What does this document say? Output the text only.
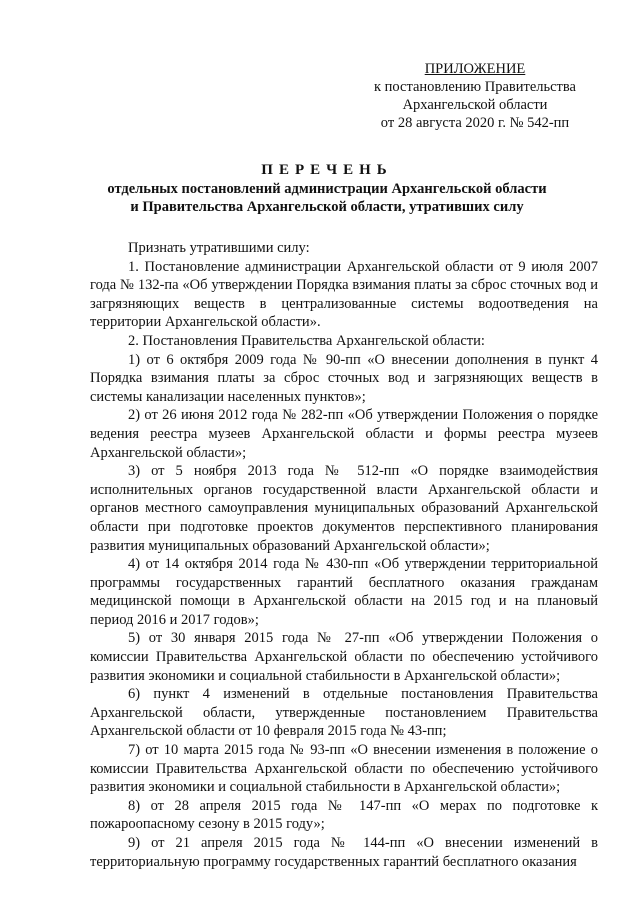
ПРИЛОЖЕНИЕ
к постановлению Правительства
Архангельской области
от 28 августа 2020 г. № 542-пп
ПЕРЕЧЕНЬ
отдельных постановлений администрации Архангельской области
и Правительства Архангельской области, утративших силу

Признать утратившими силу:

1. Постановление администрации Архангельской области от 9 июля 2007 года № 132-па «Об утверждении Порядка взимания платы за сброс сточных вод и загрязняющих веществ в централизованные системы водоотведения на территории Архангельской области».

2. Постановления Правительства Архангельской области:

1) от 6 октября 2009 года № 90-пп «О внесении дополнения в пункт 4 Порядка взимания платы за сброс сточных вод и загрязняющих веществ в системы канализации населенных пунктов»;

2) от 26 июня 2012 года № 282-пп «Об утверждении Положения о порядке ведения реестра музеев Архангельской области и формы реестра музеев Архангельской области»;

3) от 5 ноября 2013 года № 512-пп «О порядке взаимодействия исполнительных органов государственной власти Архангельской области и органов местного самоуправления муниципальных образований Архангельской области при подготовке проектов документов перспективного планирования развития муниципальных образований Архангельской области»;

4) от 14 октября 2014 года № 430-пп «Об утверждении территориальной программы государственных гарантий бесплатного оказания гражданам медицинской помощи в Архангельской области на 2015 год и на плановый период 2016 и 2017 годов»;

5) от 30 января 2015 года № 27-пп «Об утверждении Положения о комиссии Правительства Архангельской области по обеспечению устойчивого развития экономики и социальной стабильности в Архангельской области»;

6) пункт 4 изменений в отдельные постановления Правительства Архангельской области, утвержденные постановлением Правительства Архангельской области от 10 февраля 2015 года № 43-пп;

7) от 10 марта 2015 года № 93-пп «О внесении изменения в положение о комиссии Правительства Архангельской области по обеспечению устойчивого развития экономики и социальной стабильности в Архангельской области»;

8) от 28 апреля 2015 года № 147-пп «О мерах по подготовке к пожароопасному сезону в 2015 году»;

9) от 21 апреля 2015 года № 144-пп «О внесении изменений в территориальную программу государственных гарантий бесплатного оказания
